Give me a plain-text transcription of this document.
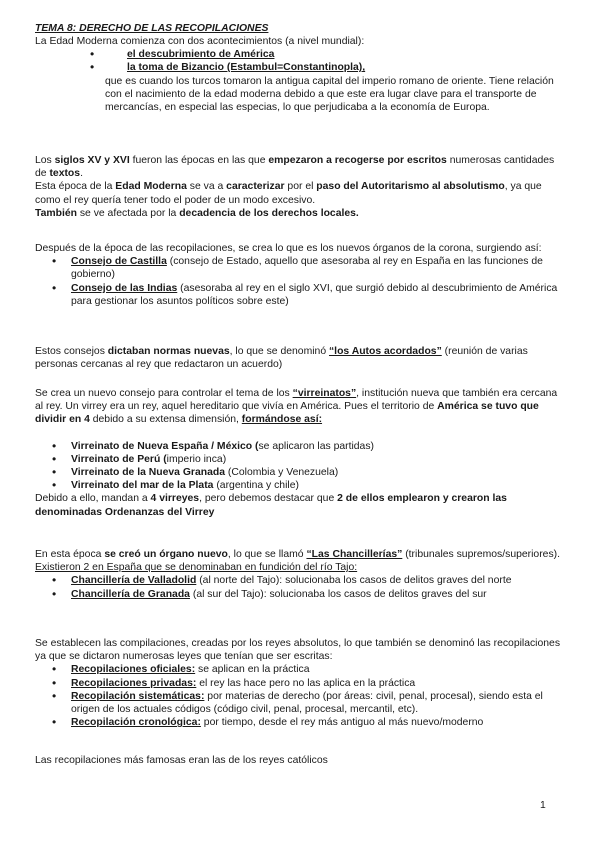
TEMA 8: DERECHO DE LAS RECOPILACIONES
La Edad Moderna comienza con dos acontecimientos (a nivel mundial):
• el descubrimiento de América
• la toma de Bizancio (Estambul=Constantinopla),
que es cuando los turcos tomaron la antigua capital del imperio romano de oriente. Tiene relación con el nacimiento de la edad moderna debido a que este era lugar clave para el transporte de mercancías, en especial las especias, lo que perjudicaba a la economía de Europa.
Los siglos XV y XVI fueron las épocas en las que empezaron a recogerse por escritos numerosas cantidades de textos.
Esta época de la Edad Moderna se va a caracterizar por el paso del Autoritarismo al absolutismo, ya que como el rey quería tener todo el poder de un modo excesivo.
También se ve afectada por la decadencia de los derechos locales.
Después de la época de las recopilaciones, se crea lo que es los nuevos órganos de la corona, surgiendo así:
• Consejo de Castilla (consejo de Estado, aquello que asesoraba al rey en España en las funciones de gobierno)
• Consejo de las Indias (asesoraba al rey en el siglo XVI, que surgió debido al descubrimiento de América para gestionar los asuntos políticos sobre este)
Estos consejos dictaban normas nuevas, lo que se denominó “los Autos acordados” (reunión de varias personas cercanas al rey que redactaron un acuerdo)
Se crea un nuevo consejo para controlar el tema de los “virreinatos”, institución nueva que también era cercana al rey. Un virrey era un rey, aquel hereditario que vivía en América. Pues el territorio de América se tuvo que dividir en 4 debido a su extensa dimensión, formándose así:
• Virreinato de Nueva España / México (se aplicaron las partidas)
• Virreinato de Perú (imperio inca)
• Virreinato de la Nueva Granada (Colombia y Venezuela)
• Virreinato del mar de la Plata (argentina y chile)
Debido a ello, mandan a 4 virreyes, pero debemos destacar que 2 de ellos emplearon y crearon las denominadas Ordenanzas del Virrey
En esta época se creó un órgano nuevo, lo que se llamó “Las Chancillerías” (tribunales supremos/superiores).
Existieron 2 en España que se denominaban en fundición del río Tajo:
• Chancillería de Valladolid (al norte del Tajo): solucionaba los casos de delitos graves del norte
• Chancillería de Granada (al sur del Tajo): solucionaba los casos de delitos graves del sur
Se establecen las compilaciones, creadas por los reyes absolutos, lo que también se denominó las recopilaciones ya que se dictaron numerosas leyes que tenían que ser escritas:
• Recopilaciones oficiales: se aplican en la práctica
• Recopilaciones privadas: el rey las hace pero no las aplica en la práctica
• Recopilación sistemáticas: por materias de derecho (por áreas: civil, penal, procesal), siendo esta el origen de los actuales códigos (código civil, penal, procesal, mercantil, etc).
• Recopilación cronológica: por tiempo, desde el rey más antiguo al más nuevo/moderno
Las recopilaciones más famosas eran las de los reyes católicos
1
